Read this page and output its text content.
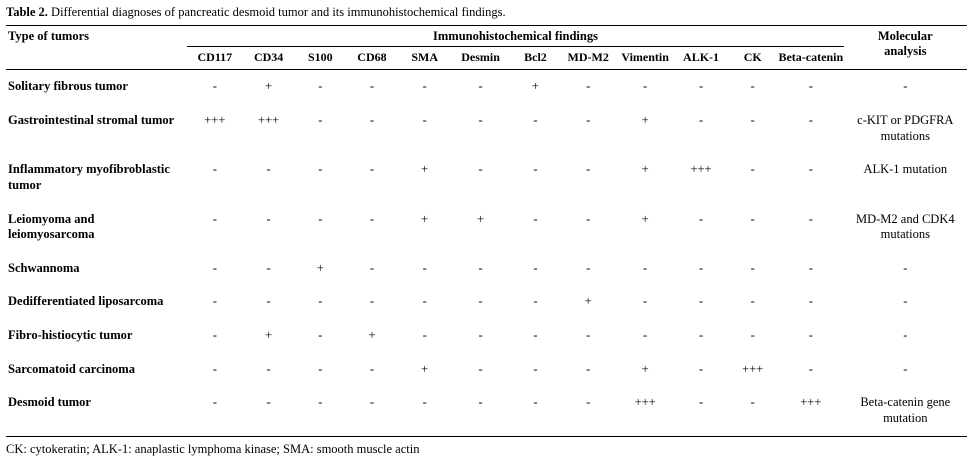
Table 2. Differential diagnoses of pancreatic desmoid tumor and its immunohistochemical findings.
Type of tumors	Immunohistochemical findings												Molecular
analysis

	CD117	CD34	S100	CD68	SMA	Desmin	Bcl2	MD-M2	Vimentin	ALK-1	CK	Beta-catenin	
Solitary fibrous tumor	-	+	-	-	-	-	+	-	-	-	-	-	-
Gastrointestinal stromal tumor	+++	+++	-	-	-	-	-	-	+	-	-	-	c-KIT or PDGFRA mutations
Inflammatory myofibroblastic tumor	-	-	-	-	+	-	-	-	+	+++	-	-	ALK-1 mutation
Leiomyoma and leiomyosarcoma	-	-	-	-	+	+	-	-	+	-	-	-	MD-M2 and CDK4 mutations
Schwannoma	-	-	+	-	-	-	-	-	-	-	-	-	-
Dedifferentiated liposarcoma	-	-	-	-	-	-	-	+	-	-	-	-	-
Fibro-histiocytic tumor	-	+	-	+	-	-	-	-	-	-	-	-	-
Sarcomatoid carcinoma	-	-	-	-	+	-	-	-	+	-	+++	-	-
Desmoid tumor	-	-	-	-	-	-	-	-	+++	-	-	+++	Beta-catenin gene mutation
CK: cytokeratin; ALK-1: anaplastic lymphoma kinase; SMA: smooth muscle actin
